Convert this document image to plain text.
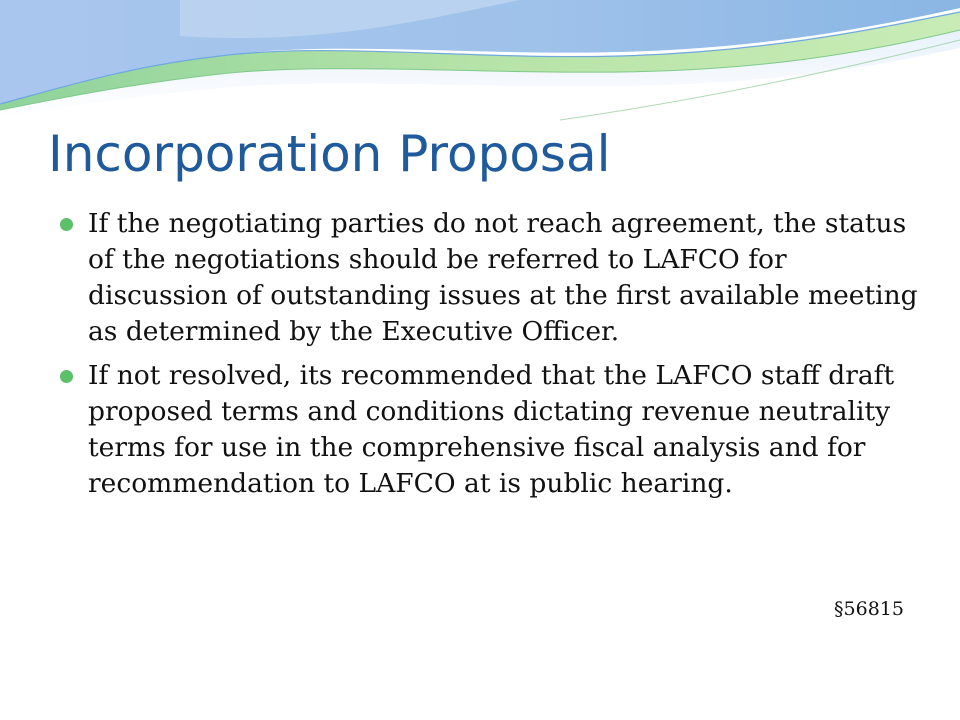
Incorporation Proposal
If the negotiating parties do not reach agreement, the status of the negotiations should be referred to LAFCO for discussion of outstanding issues at the first available meeting as determined by the Executive Officer.
If not resolved, its recommended that the LAFCO staff draft proposed terms and conditions dictating revenue neutrality terms for use in the comprehensive fiscal analysis and for recommendation to LAFCO at is public hearing.
§56815
